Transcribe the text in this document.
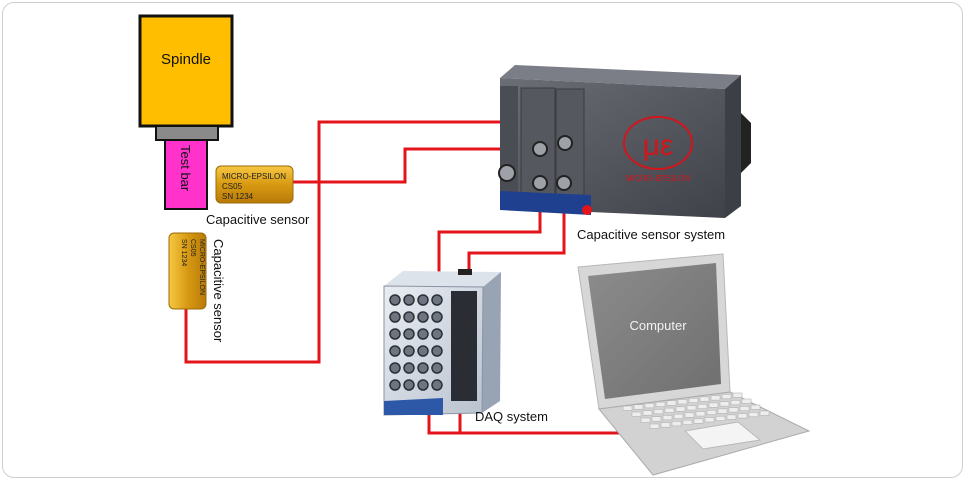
Spindle
Test bar	MICRO-EPSILON
CS05
SN 1234
Capacitive sensor
MICRO-EPSILON
CS05
SN 1234 Capacitive sensor
με
MICRO-EPSILON
Capacitive sensor system
DAQ system
Computer
